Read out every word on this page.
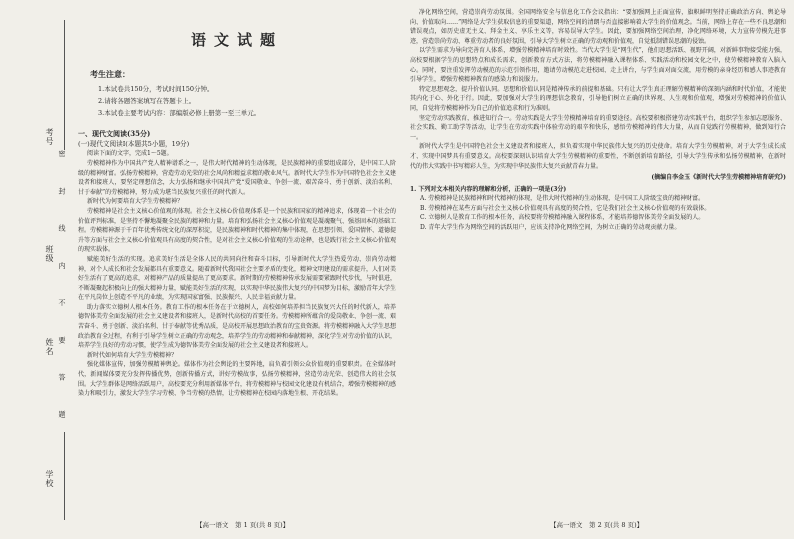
考号
班级
姓名
学校
密 封 线 内 不 要 答 题
语文试题
考生注意：
1.本试卷共150分，考试时间150分钟。
2.请将各题答案填写在答题卡上。
3.本试卷主要考试内容：部编版必修上册第一至三单元。
一、现代文阅读(35分)
(一)现代文阅读Ⅰ(本题共5小题，19分)

阅读下面的文字，完成1～5题。

劳模精神作为中国共产党人精神谱系之一，是伟大时代精神的生动体现，是民族精神的重要组成部分，是中国工人阶级的精神财富。弘扬劳模精神，营造劳动光荣的社会风尚和精益求精的敬业风气。新时代大学生作为中国特色社会主义建设者和接班人，要坚定理想信念，大力弘扬和继承中国共产党“爱国敬业、争创一流、艰苦奋斗、勇于创新、淡泊名利、甘于奉献”的劳模精神，努力成为堪当民族复兴重任的时代新人。

新时代为何要培育大学生劳模精神？

劳模精神是社会主义核心价值观的体现。社会主义核心价值观体系是一个民族和国家的精神追求，体现着一个社会的价值评判标准，是坚持不懈地凝聚全民族的精神和力量。培育和弘扬社会主义核心价值观是凝魂聚气、强基固本的基础工程。劳模精神源于千百年优秀传统文化的深厚积淀，是民族精神和时代精神的集中体现，在思想引领、爱国情怀、道德提升等方面与社会主义核心价值观具有高度的契合性，是对社会主义核心价值观的生动诠释，也是践行社会主义核心价值观的现实载体。

赋能美好生活的实现。追求美好生活是全体人民的共同向往和奋斗目标，引导新时代大学生热爱劳动、崇尚劳动精神，对个人成长和社会发展都具有重要意义。随着新时代我国社会主要矛盾的变化，精神文明建设的需求提升，人们对美好生活有了更高的追求，对精神产品的质量提出了更高要求。新时期的劳模精神传承发展需要紧跟时代步伐，与时俱进，不断凝聚起积极向上的强大精神力量，赋能美好生活的实现，以实现中华民族伟大复兴的中国梦为目标，激励青年大学生在平凡岗位上创造不平凡的业绩，为实现国家富强、民族振兴、人民幸福贡献力量。

助力落实立德树人根本任务。教育工作的根本任务在于立德树人，高校如何培养担当民族复兴大任的时代新人，培养德智体美劳全面发展的社会主义建设者和接班人，是新时代高校的首要任务。劳模精神所蕴含的爱岗敬业、争创一流、艰苦奋斗、勇于创新、淡泊名利、甘于奉献等优秀品质，是高校开展思想政治教育的宝贵资源。将劳模精神融入大学生思想政治教育全过程，有利于引导学生树立正确的劳动观念，培养学生的劳动精神和奉献精神，深化学生对劳动价值的认识，培养学生良好的劳动习惯，使学生成为德智体美劳全面发展的社会主义建设者和接班人。

新时代如何培育大学生劳模精神？

强化媒体宣传，加强劳模精神舆论。媒体作为社会舆论的主要阵地，肩负着引领公众价值观的重要职责。在全媒体时代，新闻媒体要充分发挥传播优势，创新传播方式，讲好劳模故事，弘扬劳模精神，营造劳动光荣、创造伟大的社会氛围。大学生群体是网络活跃用户，高校要充分利用新媒体平台，将劳模精神与校园文化建设有机结合，增强劳模精神的感染力和吸引力，激发大学生学习劳模、争当劳模的热情，让劳模精神在校园内落地生根、开花结果。

净化网络空间，营造崇尚劳动氛围。全国网络安全与信息化工作会议指出：“要加强网上正面宣传，旗帜鲜明坚持正确政治方向、舆论导向、价值取向……”网络是大学生获取信息的重要渠道，网络空间的清朗与否直接影响着大学生的价值观念。当前，网络上存在一些不良思潮和错误观点，如历史虚无主义、拜金主义、享乐主义等，容易误导大学生。因此，要加强网络空间治理，净化网络环境，大力宣传劳模先进事迹，营造崇尚劳动、尊重劳动者的良好氛围，引导大学生树立正确的劳动观和价值观，自觉抵制错误思潮的侵蚀。

以学生需求为导向完善育人体系，增强劳模精神培育时效性。当代大学生是“网生代”，他们思想活跃、视野开阔，对新鲜事物接受能力强，高校要根据学生的思想特点和成长需求，创新教育方式方法，将劳模精神融入课程体系、实践活动和校园文化之中，使劳模精神教育入脑入心。同时，要注重发挥劳动模范的示范引领作用，邀请劳动模范走进校园、走上讲台，与学生面对面交流，用劳模的亲身经历和感人事迹教育引导学生，增强劳模精神教育的感染力和说服力。

特定思想观念，提升价值认同。思想和价值认同是精神传承的前提和基础。只有让大学生真正理解劳模精神的深刻内涵和时代价值，才能使其内化于心、外化于行。因此，要加强对大学生的理想信念教育，引导他们树立正确的世界观、人生观和价值观，增强对劳模精神的价值认同，自觉将劳模精神作为自己的价值追求和行为准则。

坚定劳动实践教育，推进知行合一。劳动实践是大学生劳模精神培育的重要途径。高校要积极搭建劳动实践平台，组织学生参加志愿服务、社会实践、勤工助学等活动，让学生在劳动实践中体验劳动的艰辛和快乐，感悟劳模精神的伟大力量，从而自觉践行劳模精神，做到知行合一。

新时代大学生是中国特色社会主义建设者和接班人，担负着实现中华民族伟大复兴的历史使命。培育大学生劳模精神，对于大学生成长成才、实现中国梦具有重要意义。高校要深刻认识培育大学生劳模精神的重要性，不断创新培育路径，引导大学生传承和弘扬劳模精神，在新时代的伟大实践中书写精彩人生，为实现中华民族伟大复兴贡献青春力量。

(摘编自李金玉《新时代大学生劳模精神培育研究》)
1. 下列对文本相关内容的理解和分析，正确的一项是(3分)
A. 劳模精神是民族精神和时代精神的体现，是伟大时代精神的生动体现，是中国工人阶级宝贵的精神财富。
B. 劳模精神在某些方面与社会主义核心价值观具有高度的契合性，它是我们社会主义核心价值观的有效载体。
C. 立德树人是教育工作的根本任务，高校要将劳模精神融入课程体系，才能培养德智体美劳全面发展的人。
D. 青年大学生作为网络空间的活跃用户，应该支持净化网络空间，为树立正确的劳动观贡献力量。
【高一语文　第 1 页(共 8 页)】	【高一语文　第 2 页(共 8 页)】
